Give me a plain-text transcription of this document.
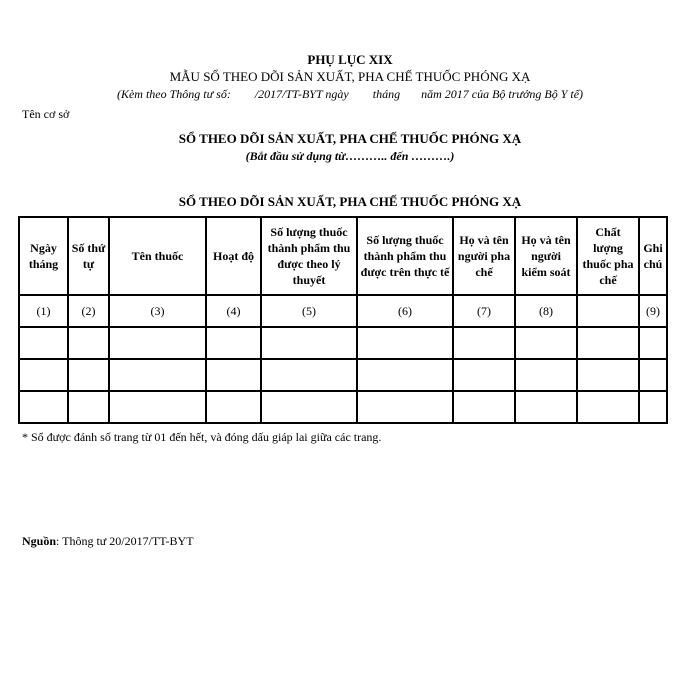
PHỤ LỤC XIX
MẪU SỔ THEO DÕI SẢN XUẤT, PHA CHẾ THUỐC PHÓNG XẠ
(Kèm theo Thông tư số:        /2017/TT-BYT ngày        tháng       năm 2017 của Bộ trưởng Bộ Y tế)
Tên cơ sở
SỔ THEO DÕI SẢN XUẤT, PHA CHẾ THUỐC PHÓNG XẠ
(Bắt đầu sử dụng từ……….. đến ……….)
SỔ THEO DÕI SẢN XUẤT, PHA CHẾ THUỐC PHÓNG XẠ
Ngày tháng	Số thứ tự	Tên thuốc	Hoạt độ	Số lượng thuốc thành phẩm thu được theo lý thuyết	Số lượng thuốc thành phẩm thu được trên thực tế	Họ và tên người pha chế	Họ và tên người kiểm soát	Chất lượng thuốc pha chế	Ghi chú
(1)	(2)	(3)	(4)	(5)	(6)	(7)	(8)		(9)

* Sổ được đánh số trang từ 01 đến hết, và đóng dấu giáp lai giữa các trang.
Nguồn: Thông tư 20/2017/TT-BYT
